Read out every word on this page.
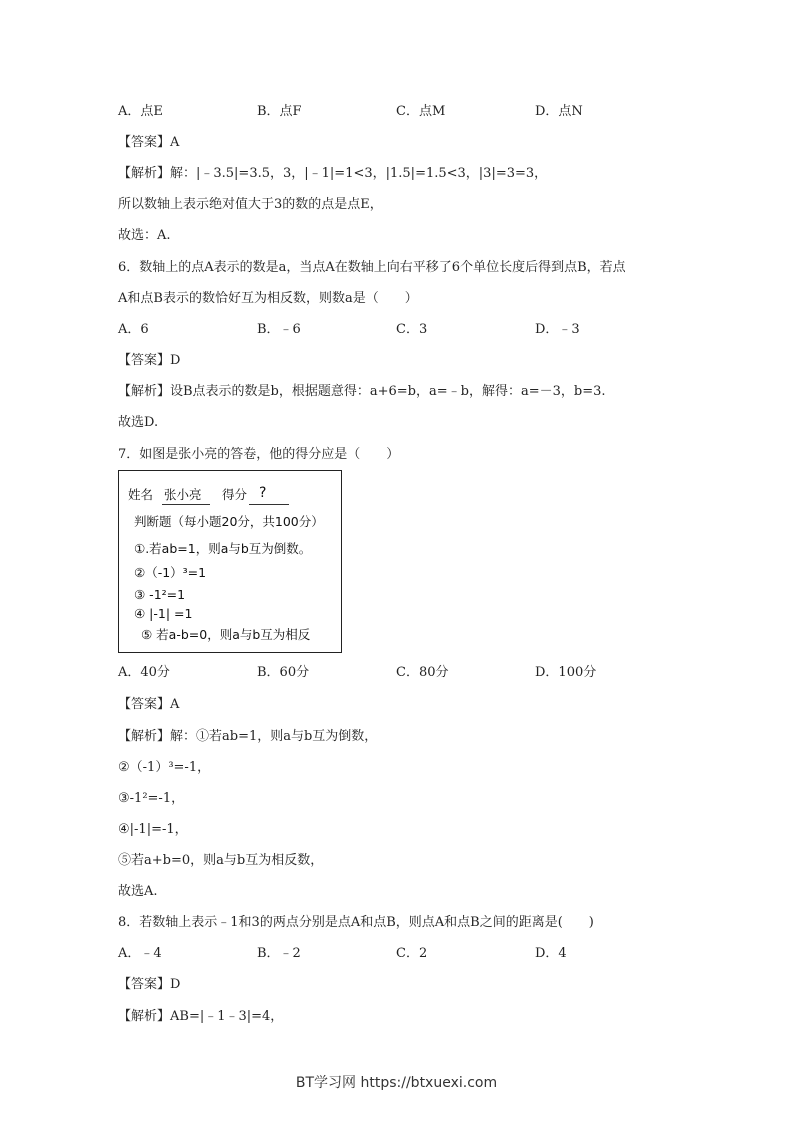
A．点E	B．点F	C．点M	D．点N
【答案】A
【解析】解：|﹣3.5|=3.5，3，|﹣1|=1<3，|1.5|=1.5<3，|3|=3=3，
所以数轴上表示绝对值大于3的数的点是点E，
故选：A.
6．数轴上的点A表示的数是a，当点A在数轴上向右平移了6个单位长度后得到点B，若点
A和点B表示的数恰好互为相反数，则数a是（　　）
A．6	B．﹣6	C．3	D．﹣3
【答案】D
【解析】设B点表示的数是b，根据题意得：a+6=b，a=﹣b，解得：a=－3，b=3.
故选D.
7．如图是张小亮的答卷，他的得分应是（　　）
姓名 张小亮 得分 ?
判断题（每小题20分，共100分）
①.若ab=1，则a与b互为倒数。
②（-1）³=1
③ -1²=1
④ |-1| =1
⑤ 若a-b=0，则a与b互为相反
A．40分	B．60分	C．80分	D．100分
【答案】A
【解析】解：①若ab=1，则a与b互为倒数，
②（-1）³=-1，
③-1²=-1，
④|-1|=-1，
⑤若a+b=0，则a与b互为相反数，
故选A.
8．若数轴上表示﹣1和3的两点分别是点A和点B，则点A和点B之间的距离是(　　)
A．﹣4	B．﹣2	C．2	D．4
【答案】D
【解析】AB=|﹣1﹣3|=4，
BT学习网 https://btxuexi.com
